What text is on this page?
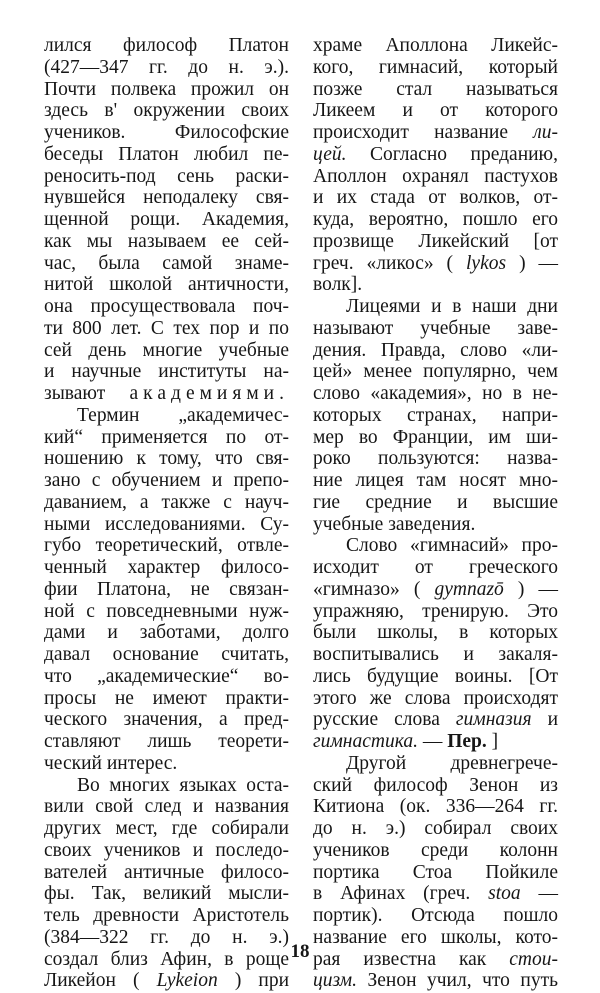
лился философ Платон
(427—347 гг. до н. э.).
Почти полвека прожил он
здесь в' окружении своих
учеников. Философские
беседы Платон любил пе-
реносить-под сень раски-
нувшейся неподалеку свя-
щенной рощи. Академия,
как мы называем ее сей-
час, была самой знаме-
нитой школой античности,
она просуществовала поч-
ти 800 лет. С тех пор и по
сей день многие учебные
и научные институты на-
зывают академиями.
Термин „академичес-
кий“ применяется по от-
ношению к тому, что свя-
зано с обучением и препо-
даванием, а также с науч-
ными исследованиями. Су-
губо теоретический, отвле-
ченный характер филосо-
фии Платона, не связан-
ной с повседневными нуж-
дами и заботами, долго
давал основание считать,
что „академические“ во-
просы не имеют практи-
ческого значения, а пред-
ставляют лишь теорети-
ческий интерес.
Во многих языках оста-
вили свой след и названия
других мест, где собирали
своих учеников и последо-
вателей античные филосо-
фы. Так, великий мысли-
тель древности Аристотель
(384—322 гг. до н. э.)
создал близ Афин, в роще
Ликейон ( Lykeion ) при
храме Аполлона Ликейс-
кого, гимнасий, который
позже стал называться
Ликеем и от которого
происходит название ли-
цей. Согласно преданию,
Аполлон охранял пастухов
и их стада от волков, от-
куда, вероятно, пошло его
прозвище Ликейский [от
греч. «ликос» ( lykos ) —
волк].
Лицеями и в наши дни
называют учебные заве-
дения. Правда, слово «ли-
цей» менее популярно, чем
слово «академия», но в не-
которых странах, напри-
мер во Франции, им ши-
роко пользуются: назва-
ние лицея там носят мно-
гие средние и высшие
учебные заведения.
Слово «гимнасий» про-
исходит от греческого
«гимназо» ( gymnazō ) —
упражняю, тренирую. Это
были школы, в которых
воспитывались и закаля-
лись будущие воины. [От
этого же слова происходят
русские слова гимназия и
гимнастика. — Пер. ]
Другой древнегрече-
ский философ Зенон из
Китиона (ок. 336—264 гг.
до н. э.) собирал своих
учеников среди колонн
портика Стоа Пойкиле
в Афинах (греч. stoa —
портик). Отсюда пошло
название его школы, кото-
рая известна как стои-
цизм. Зенон учил, что путь
18
